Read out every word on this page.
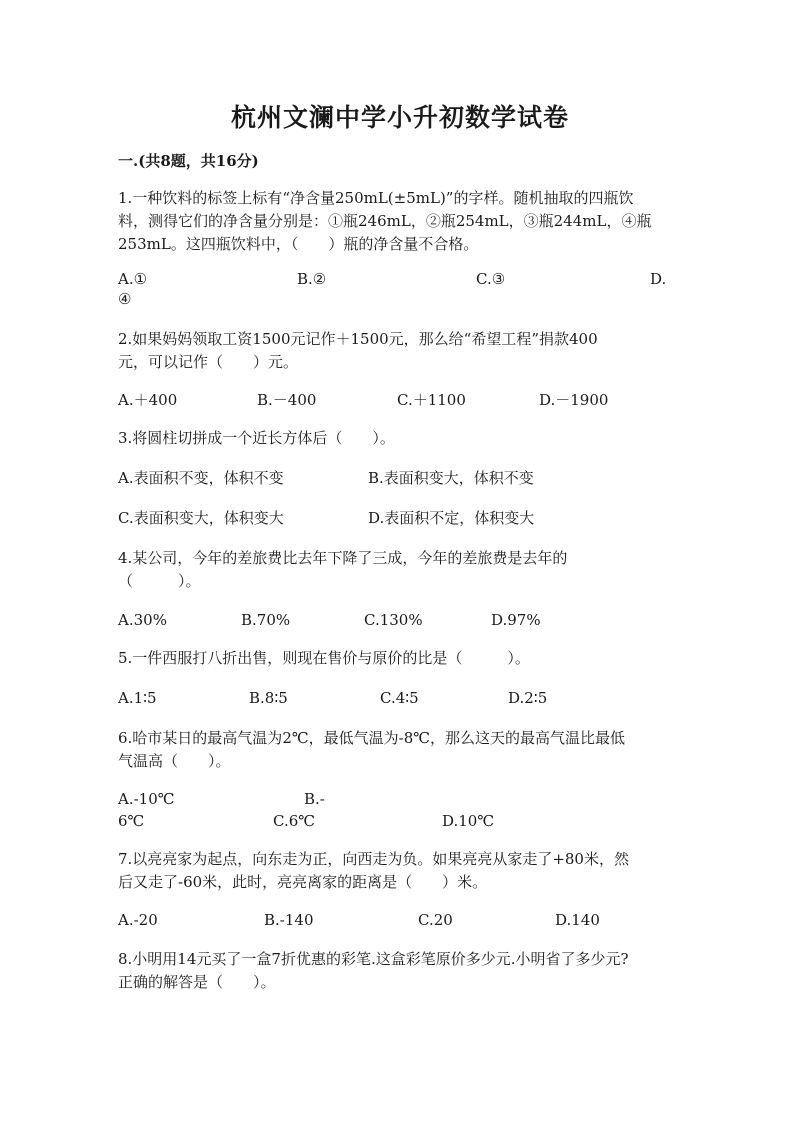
杭州文澜中学小升初数学试卷
一.(共8题，共16分)
1.一种饮料的标签上标有“净含量250mL(±5mL)”的字样。随机抽取的四瓶饮
料，测得它们的净含量分别是：①瓶246mL，②瓶254mL，③瓶244mL，④瓶
253mL。这四瓶饮料中，（　　）瓶的净含量不合格。
A.①	B.②	C.③	D.
④
2.如果妈妈领取工资1500元记作＋1500元，那么给“希望工程”捐款400
元，可以记作（　　）元。
A.＋400	B.－400	C.＋1100	D.－1900
3.将圆柱切拼成一个近长方体后（　　）。
A.表面积不变，体积不变	B.表面积变大，体积不变
C.表面积变大，体积变大	D.表面积不定，体积变大
4.某公司，今年的差旅费比去年下降了三成，今年的差旅费是去年的
（　　　）。
A.30%	B.70%	C.130%	D.97%
5.一件西服打八折出售，则现在售价与原价的比是（　　　）。
A.1∶5	B.8∶5	C.4∶5	D.2∶5
6.哈市某日的最高气温为2℃，最低气温为-8℃，那么这天的最高气温比最低
气温高（　　）。
A.-10℃	B.-
6℃	C.6℃	D.10℃
7.以亮亮家为起点，向东走为正，向西走为负。如果亮亮从家走了+80米，然
后又走了-60米，此时，亮亮离家的距离是（　　）米。
A.-20	B.-140	C.20	D.140
8.小明用14元买了一盒7折优惠的彩笔.这盒彩笔原价多少元.小明省了多少元?
正确的解答是（　　）。
